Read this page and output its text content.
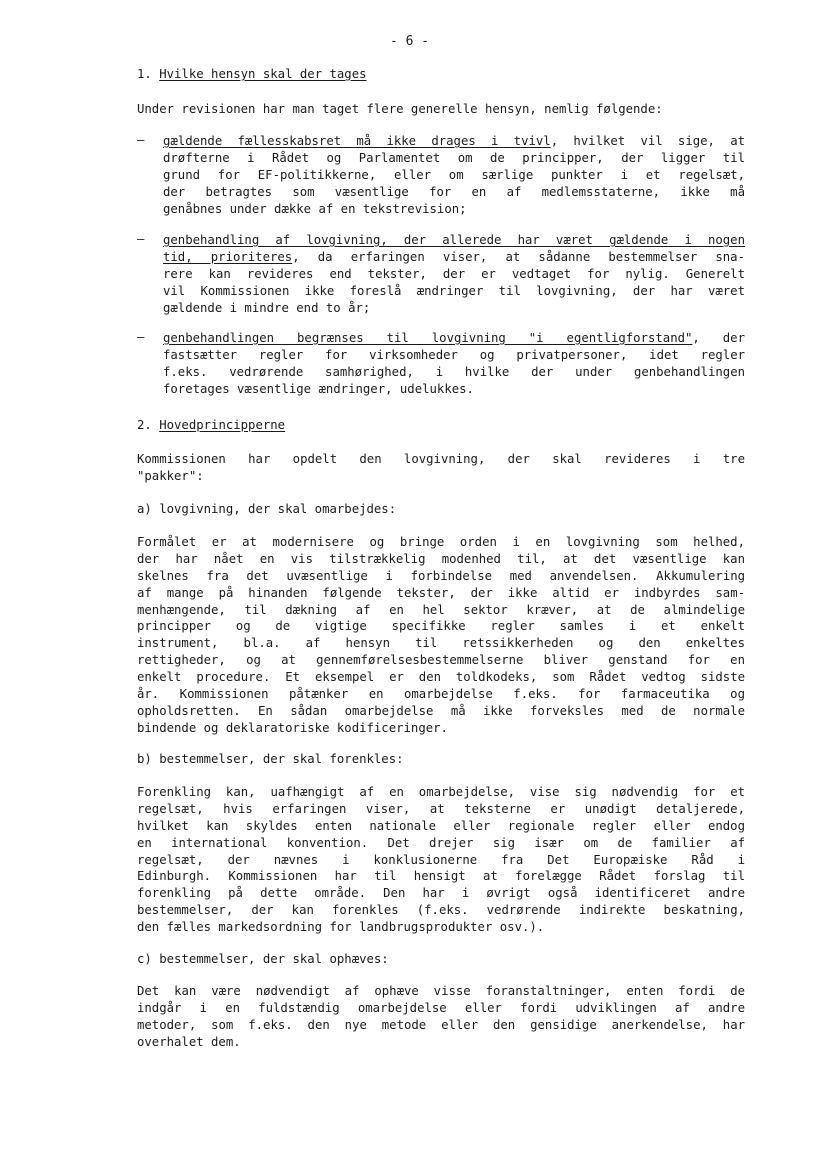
- 6 -
1. Hvilke hensyn skal der tages
Under revisionen har man taget flere generelle hensyn, nemlig følgende:
– gældende fællesskabsret må ikke drages i tvivl, hvilket vil sige, at
drøfterne i Rådet og Parlamentet om de principper, der ligger til
grund for EF-politikkerne, eller om særlige punkter i et regelsæt,
der betragtes som væsentlige for en af medlemsstaterne, ikke må
genåbnes under dække af en tekstrevision;
– genbehandling af lovgivning, der allerede har været gældende i nogen
tid, prioriteres, da erfaringen viser, at sådanne bestemmelser sna-
rere kan revideres end tekster, der er vedtaget for nylig. Generelt
vil Kommissionen ikke foreslå ændringer til lovgivning, der har været
gældende i mindre end to år;
– genbehandlingen begrænses til lovgivning "i egentligforstand", der
fastsætter regler for virksomheder og privatpersoner, idet regler
f.eks. vedrørende samhørighed, i hvilke der under genbehandlingen
foretages væsentlige ændringer, udelukkes.
2. Hovedprincipperne
Kommissionen har opdelt den lovgivning, der skal revideres i tre
"pakker":
a) lovgivning, der skal omarbejdes:
Formålet er at modernisere og bringe orden i en lovgivning som helhed,
der har nået en vis tilstrækkelig modenhed til, at det væsentlige kan
skelnes fra det uvæsentlige i forbindelse med anvendelsen. Akkumulering
af mange på hinanden følgende tekster, der ikke altid er indbyrdes sam-
menhængende, til dækning af en hel sektor kræver, at de almindelige
principper og de vigtige specifikke regler samles i et enkelt
instrument, bl.a. af hensyn til retssikkerheden og den enkeltes
rettigheder, og at gennemførelsesbestemmelserne bliver genstand for en
enkelt procedure. Et eksempel er den toldkodeks, som Rådet vedtog sidste
år. Kommissionen påtænker en omarbejdelse f.eks. for farmaceutika og
opholdsretten. En sådan omarbejdelse må ikke forveksles med de normale
bindende og deklaratoriske kodificeringer.
b) bestemmelser, der skal forenkles:
Forenkling kan, uafhængigt af en omarbejdelse, vise sig nødvendig for et
regelsæt, hvis erfaringen viser, at teksterne er unødigt detaljerede,
hvilket kan skyldes enten nationale eller regionale regler eller endog
en international konvention. Det drejer sig især om de familier af
regelsæt, der nævnes i konklusionerne fra Det Europæiske Råd i
Edinburgh. Kommissionen har til hensigt at forelægge Rådet forslag til
forenkling på dette område. Den har i øvrigt også identificeret andre
bestemmelser, der kan forenkles (f.eks. vedrørende indirekte beskatning,
den fælles markedsordning for landbrugsprodukter osv.).
c) bestemmelser, der skal ophæves:
Det kan være nødvendigt af ophæve visse foranstaltninger, enten fordi de
indgår i en fuldstændig omarbejdelse eller fordi udviklingen af andre
metoder, som f.eks. den nye metode eller den gensidige anerkendelse, har
overhalet dem.
